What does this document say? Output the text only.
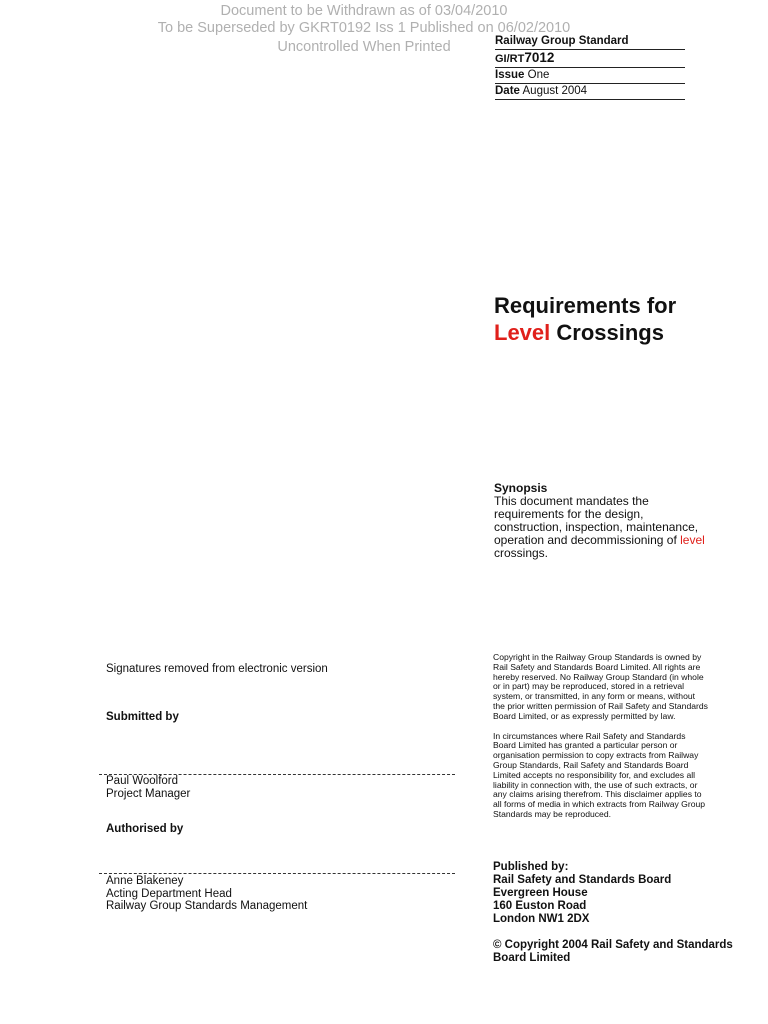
Document to be Withdrawn as of 03/04/2010
To be Superseded by GKRT0192 Iss 1 Published on 06/02/2010
Uncontrolled When Printed	Railway Group Standard
GI/RT7012
Issue One
Date August 2004
Requirements for
Level Crossings
Synopsis
This document mandates the requirements for the design, construction, inspection, maintenance, operation and decommissioning of level crossings.

Copyright in the Railway Group Standards is owned by Rail Safety and Standards Board Limited. All rights are hereby reserved. No Railway Group Standard (in whole or in part) may be reproduced, stored in a retrieval system, or transmitted, in any form or means, without the prior written permission of Rail Safety and Standards Board Limited, or as expressly permitted by law.

In circumstances where Rail Safety and Standards Board Limited has granted a particular person or organisation permission to copy extracts from Railway Group Standards, Rail Safety and Standards Board Limited accepts no responsibility for, and excludes all liability in connection with, the use of such extracts, or any claims arising therefrom. This disclaimer applies to all forms of media in which extracts from Railway Group Standards may be reproduced.

Published by:
Rail Safety and Standards Board
Evergreen House
160 Euston Road
London NW1 2DX

© Copyright 2004 Rail Safety and Standards Board Limited

Signatures removed from electronic version
Submitted by
Paul Woolford
Project Manager
Authorised by
Anne Blakeney
Acting Department Head
Railway Group Standards Management
